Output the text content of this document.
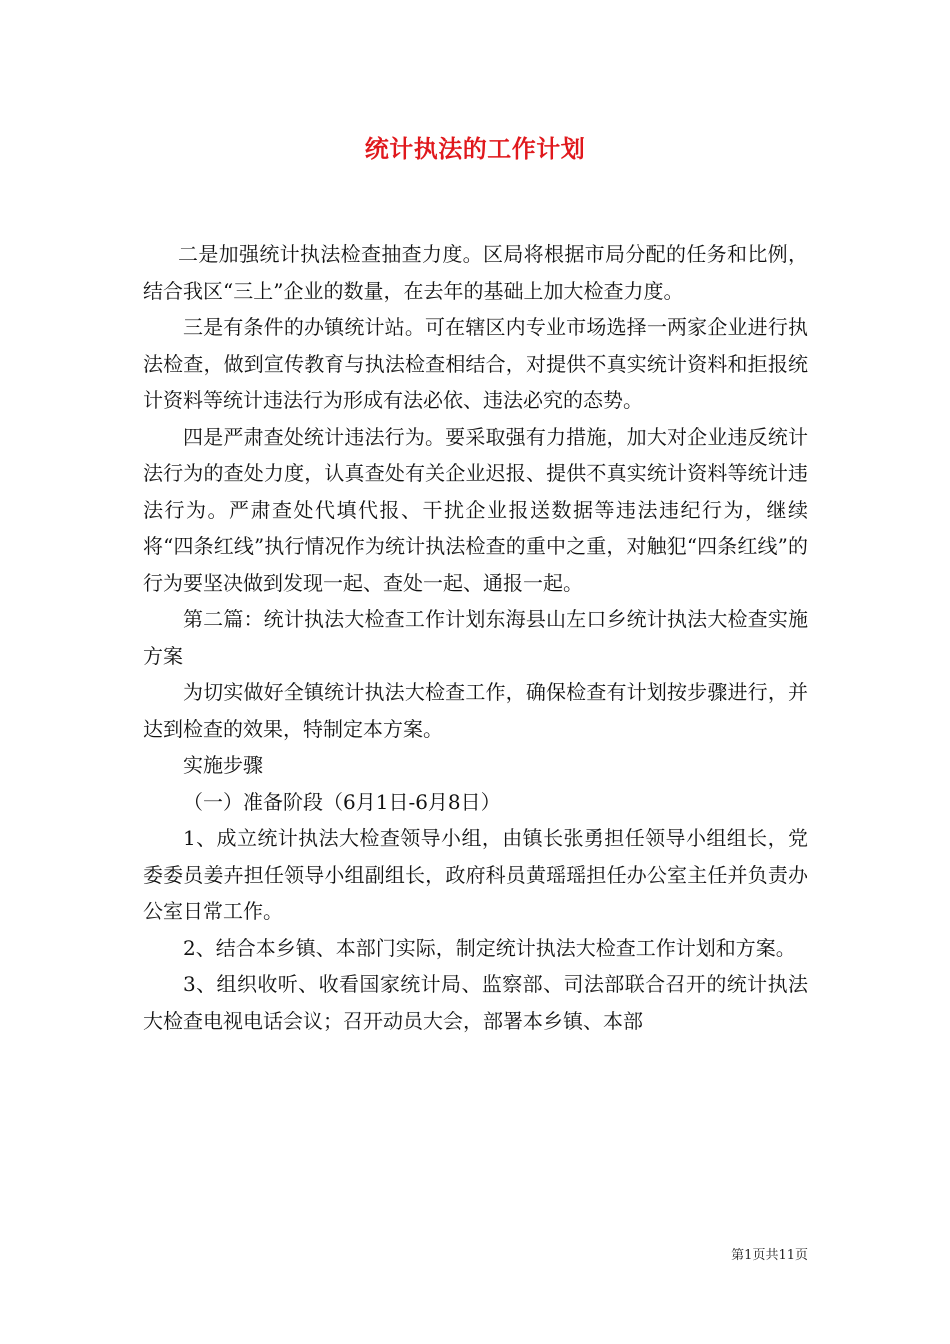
统计执法的工作计划

二是加强统计执法检查抽查力度。区局将根据市局分配的任务和比例，结合我区“三上”企业的数量，在去年的基础上加大检查力度。

三是有条件的办镇统计站。可在辖区内专业市场选择一两家企业进行执法检查，做到宣传教育与执法检查相结合，对提供不真实统计资料和拒报统计资料等统计违法行为形成有法必依、违法必究的态势。

四是严肃查处统计违法行为。要采取强有力措施，加大对企业违反统计法行为的查处力度，认真查处有关企业迟报、提供不真实统计资料等统计违法行为。严肃查处代填代报、干扰企业报送数据等违法违纪行为，继续将“四条红线”执行情况作为统计执法检查的重中之重，对触犯“四条红线”的行为要坚决做到发现一起、查处一起、通报一起。

第二篇：统计执法大检查工作计划东海县山左口乡统计执法大检查实施方案

为切实做好全镇统计执法大检查工作，确保检查有计划按步骤进行，并达到检查的效果，特制定本方案。

实施步骤

（一）准备阶段（6月1日-6月8日）

1、成立统计执法大检查领导小组，由镇长张勇担任领导小组组长，党委委员姜卉担任领导小组副组长，政府科员黄瑶瑶担任办公室主任并负责办公室日常工作。

2、结合本乡镇、本部门实际，制定统计执法大检查工作计划和方案。

3、组织收听、收看国家统计局、监察部、司法部联合召开的统计执法大检查电视电话会议；召开动员大会，部署本乡镇、本部

第1页共11页
